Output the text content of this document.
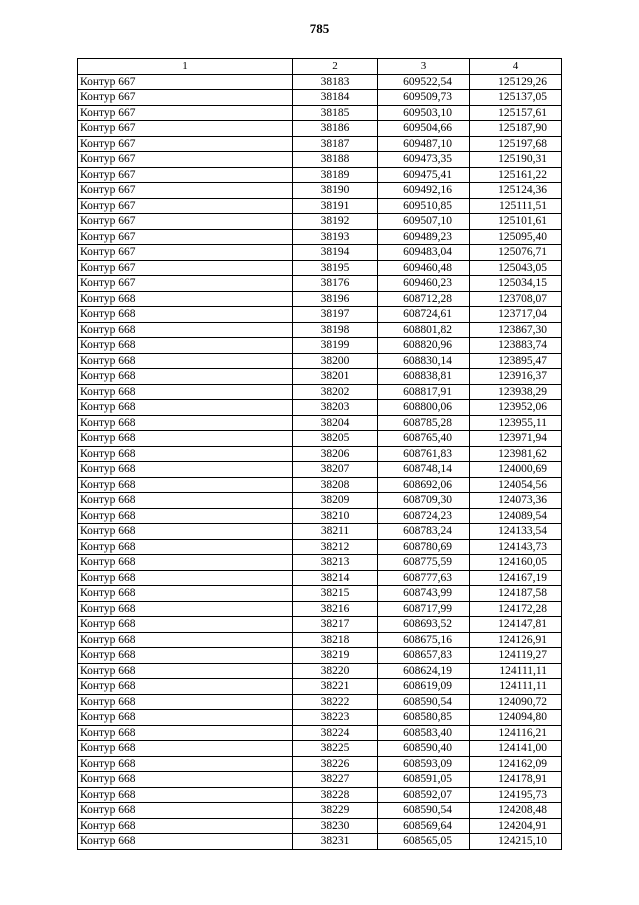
785
1	2	3	4
Контур 667	38183	609522,54	125129,26
Контур 667	38184	609509,73	125137,05
Контур 667	38185	609503,10	125157,61
Контур 667	38186	609504,66	125187,90
Контур 667	38187	609487,10	125197,68
Контур 667	38188	609473,35	125190,31
Контур 667	38189	609475,41	125161,22
Контур 667	38190	609492,16	125124,36
Контур 667	38191	609510,85	125111,51
Контур 667	38192	609507,10	125101,61
Контур 667	38193	609489,23	125095,40
Контур 667	38194	609483,04	125076,71
Контур 667	38195	609460,48	125043,05
Контур 667	38176	609460,23	125034,15
Контур 668	38196	608712,28	123708,07
Контур 668	38197	608724,61	123717,04
Контур 668	38198	608801,82	123867,30
Контур 668	38199	608820,96	123883,74
Контур 668	38200	608830,14	123895,47
Контур 668	38201	608838,81	123916,37
Контур 668	38202	608817,91	123938,29
Контур 668	38203	608800,06	123952,06
Контур 668	38204	608785,28	123955,11
Контур 668	38205	608765,40	123971,94
Контур 668	38206	608761,83	123981,62
Контур 668	38207	608748,14	124000,69
Контур 668	38208	608692,06	124054,56
Контур 668	38209	608709,30	124073,36
Контур 668	38210	608724,23	124089,54
Контур 668	38211	608783,24	124133,54
Контур 668	38212	608780,69	124143,73
Контур 668	38213	608775,59	124160,05
Контур 668	38214	608777,63	124167,19
Контур 668	38215	608743,99	124187,58
Контур 668	38216	608717,99	124172,28
Контур 668	38217	608693,52	124147,81
Контур 668	38218	608675,16	124126,91
Контур 668	38219	608657,83	124119,27
Контур 668	38220	608624,19	124111,11
Контур 668	38221	608619,09	124111,11
Контур 668	38222	608590,54	124090,72
Контур 668	38223	608580,85	124094,80
Контур 668	38224	608583,40	124116,21
Контур 668	38225	608590,40	124141,00
Контур 668	38226	608593,09	124162,09
Контур 668	38227	608591,05	124178,91
Контур 668	38228	608592,07	124195,73
Контур 668	38229	608590,54	124208,48
Контур 668	38230	608569,64	124204,91
Контур 668	38231	608565,05	124215,10
